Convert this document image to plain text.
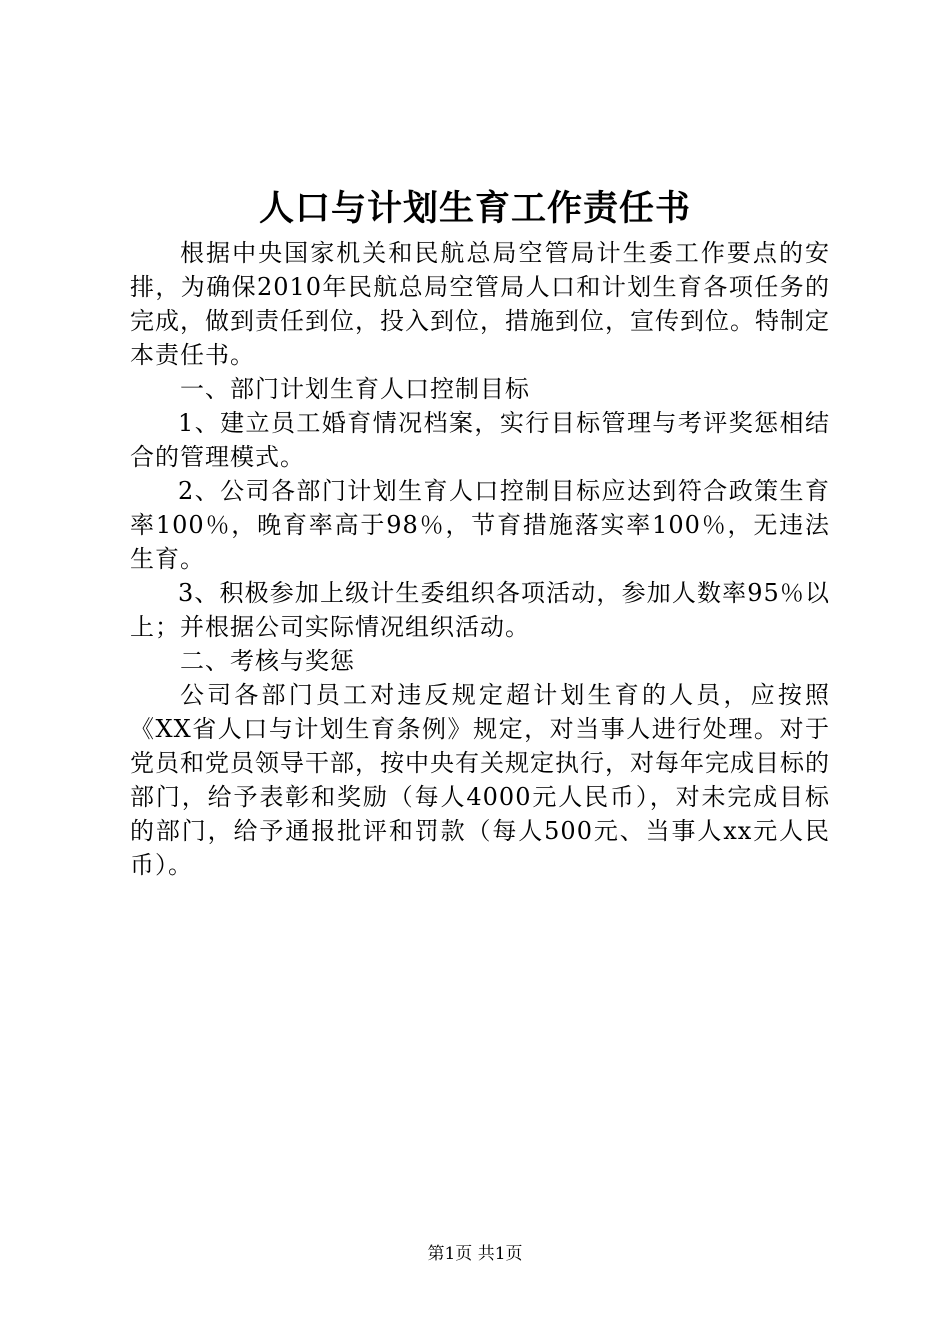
人口与计划生育工作责任书

根据中央国家机关和民航总局空管局计生委工作要点的安排，为确保2010年民航总局空管局人口和计划生育各项任务的完成，做到责任到位，投入到位，措施到位，宣传到位。特制定本责任书。

一、部门计划生育人口控制目标

1、建立员工婚育情况档案，实行目标管理与考评奖惩相结合的管理模式。

2、公司各部门计划生育人口控制目标应达到符合政策生育率100％，晚育率高于98％，节育措施落实率100％，无违法生育。

3、积极参加上级计生委组织各项活动，参加人数率95％以上；并根据公司实际情况组织活动。

二、考核与奖惩

公司各部门员工对违反规定超计划生育的人员，应按照《XX省人口与计划生育条例》规定，对当事人进行处理。对于党员和党员领导干部，按中央有关规定执行，对每年完成目标的部门，给予表彰和奖励（每人4000元人民币），对未完成目标的部门，给予通报批评和罚款（每人500元、当事人xx元人民币）。

第1页 共1页
